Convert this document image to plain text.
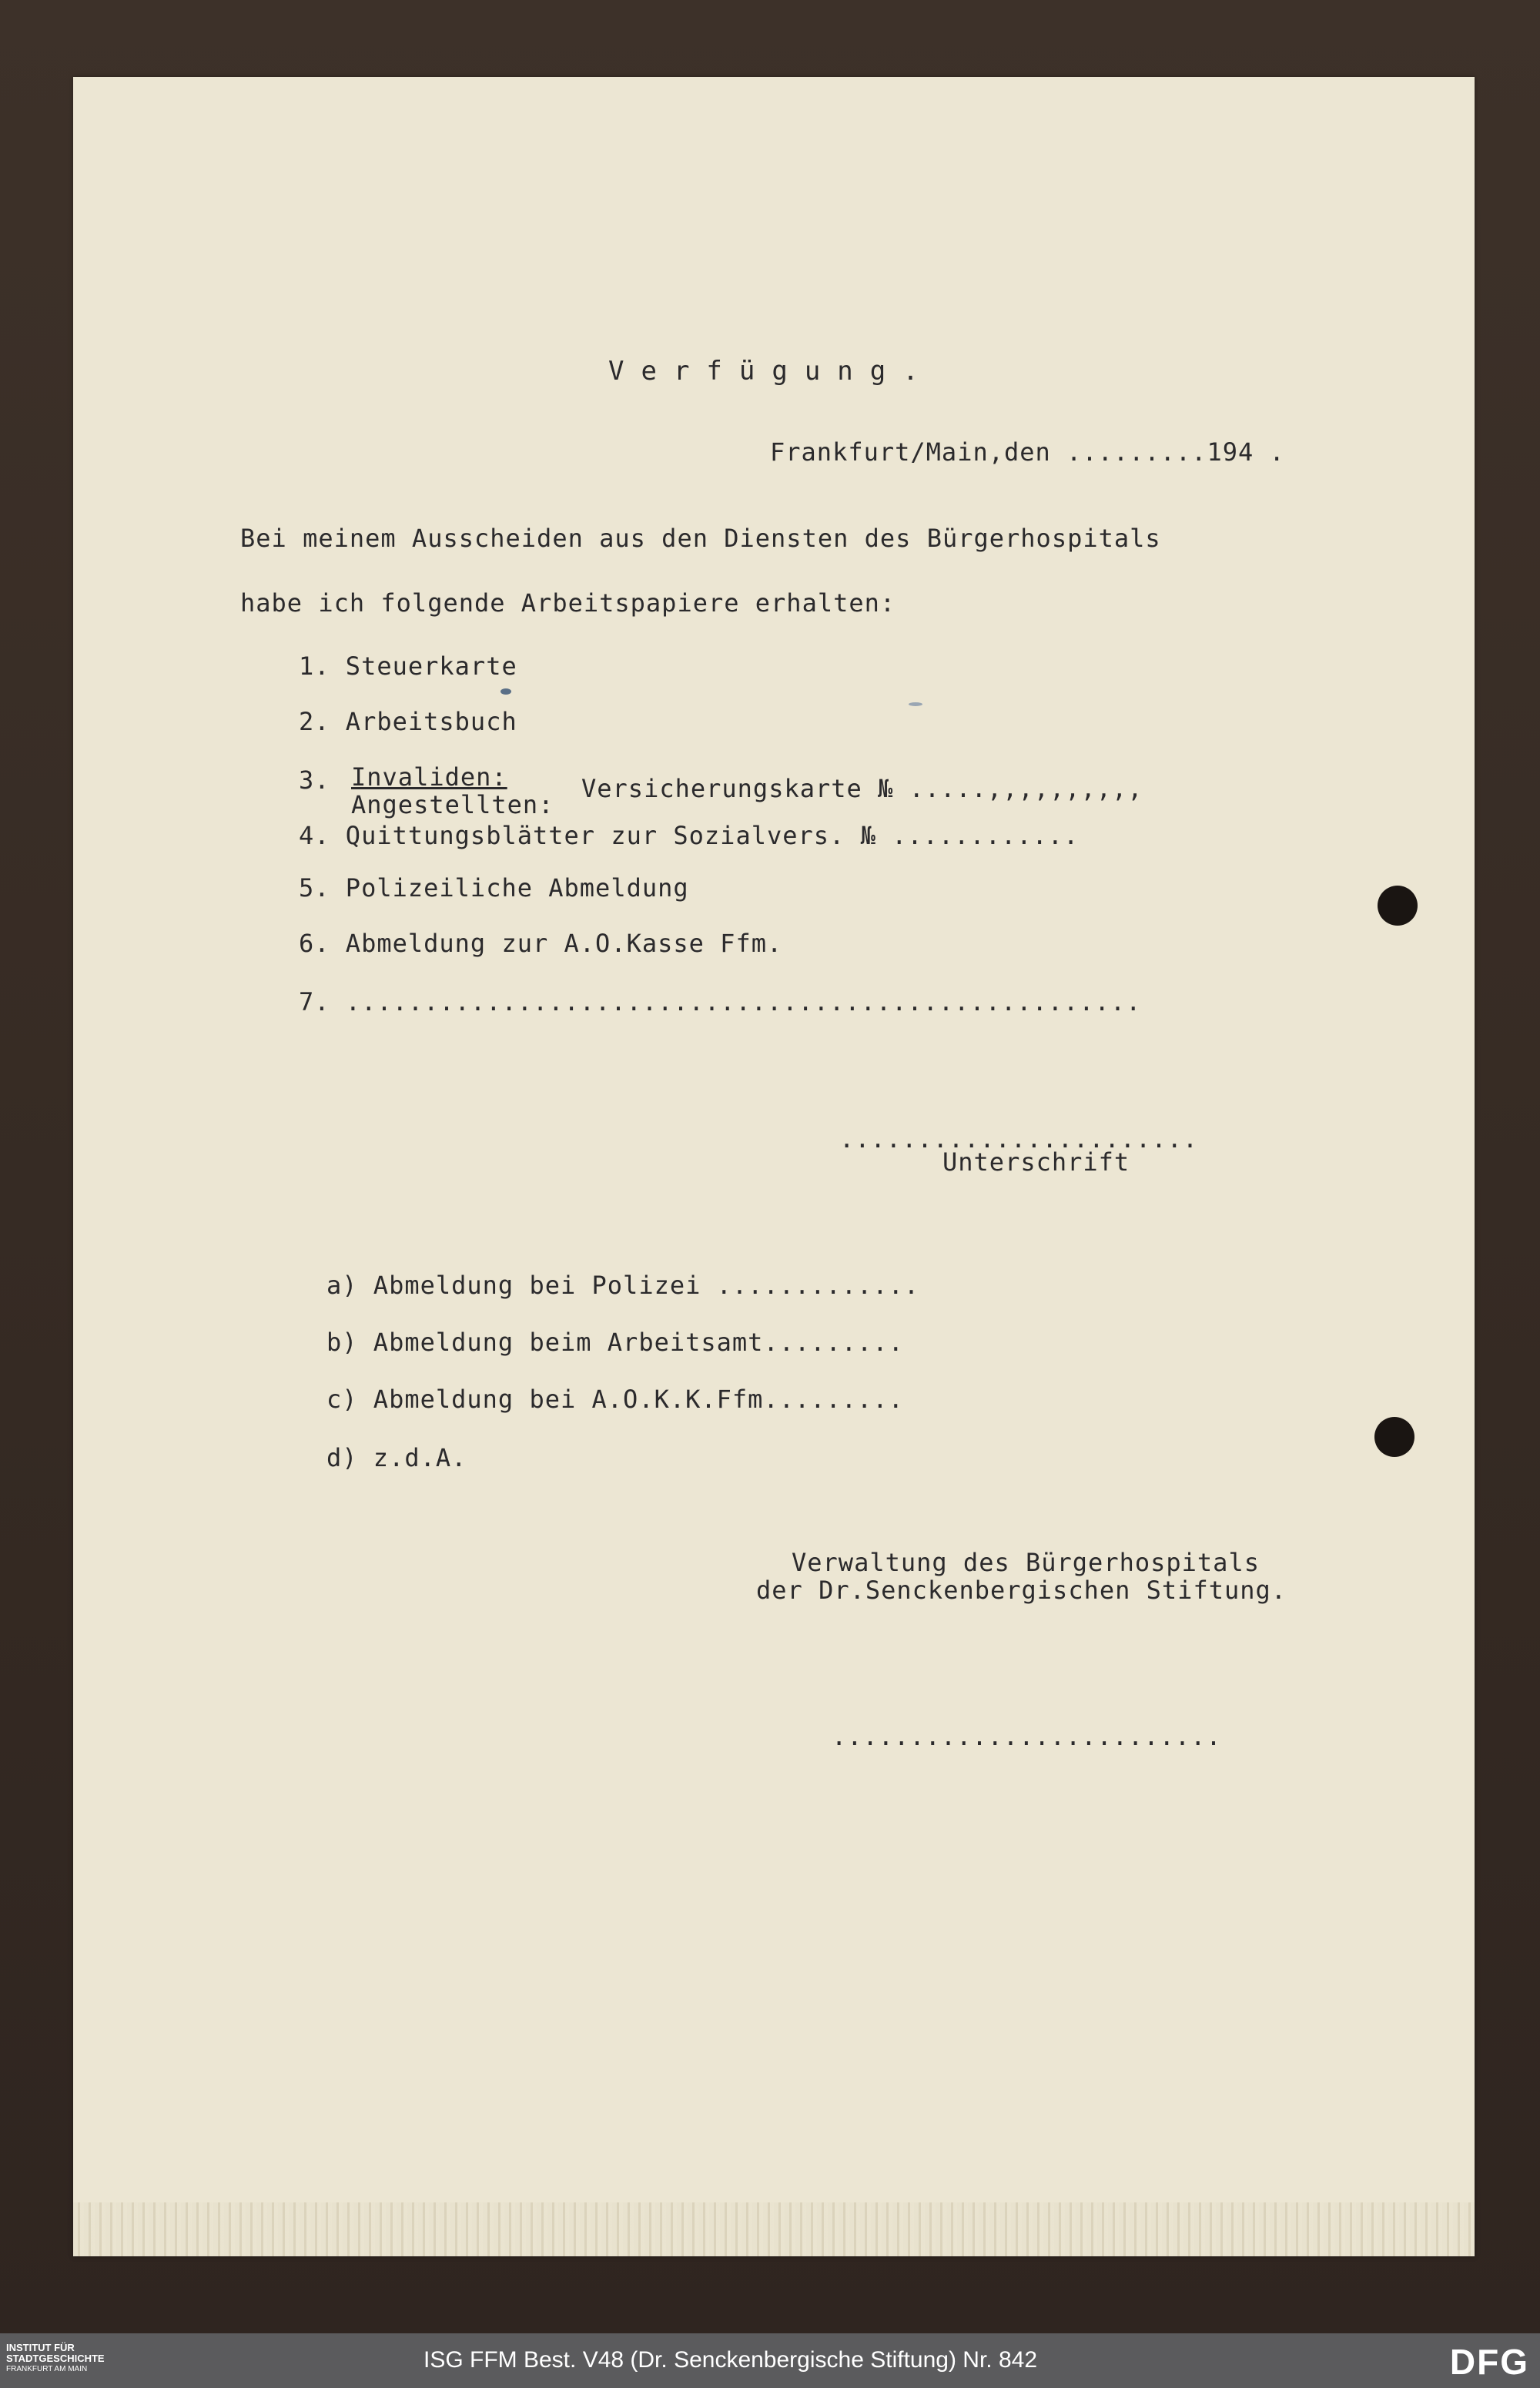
Verfügung.
Frankfurt/Main,den .........194 .
Bei meinem Ausscheiden aus den Diensten des Bürgerhospitals
habe ich folgende Arbeitspapiere erhalten:
1. Steuerkarte
2. Arbeitsbuch
3. Invaliden:
Angestellten:
Versicherungskarte № .....,,,,,,,,,,
4. Quittungsblätter zur Sozialvers. № ............
5. Polizeiliche Abmeldung
6. Abmeldung zur A.O.Kasse Ffm.
7. ...................................................
.......................
Unterschrift
a) Abmeldung bei Polizei .............
b) Abmeldung beim Arbeitsamt.........
c) Abmeldung bei A.O.K.K.Ffm.........
d) z.d.A.
Verwaltung des Bürgerhospitals
der Dr.Senckenbergischen Stiftung.
.........................
INSTITUT FÜR
STADTGESCHICHTE
FRANKFURT AM MAIN	ISG FFM Best. V48 (Dr. Senckenbergische Stiftung) Nr. 842	DFG
